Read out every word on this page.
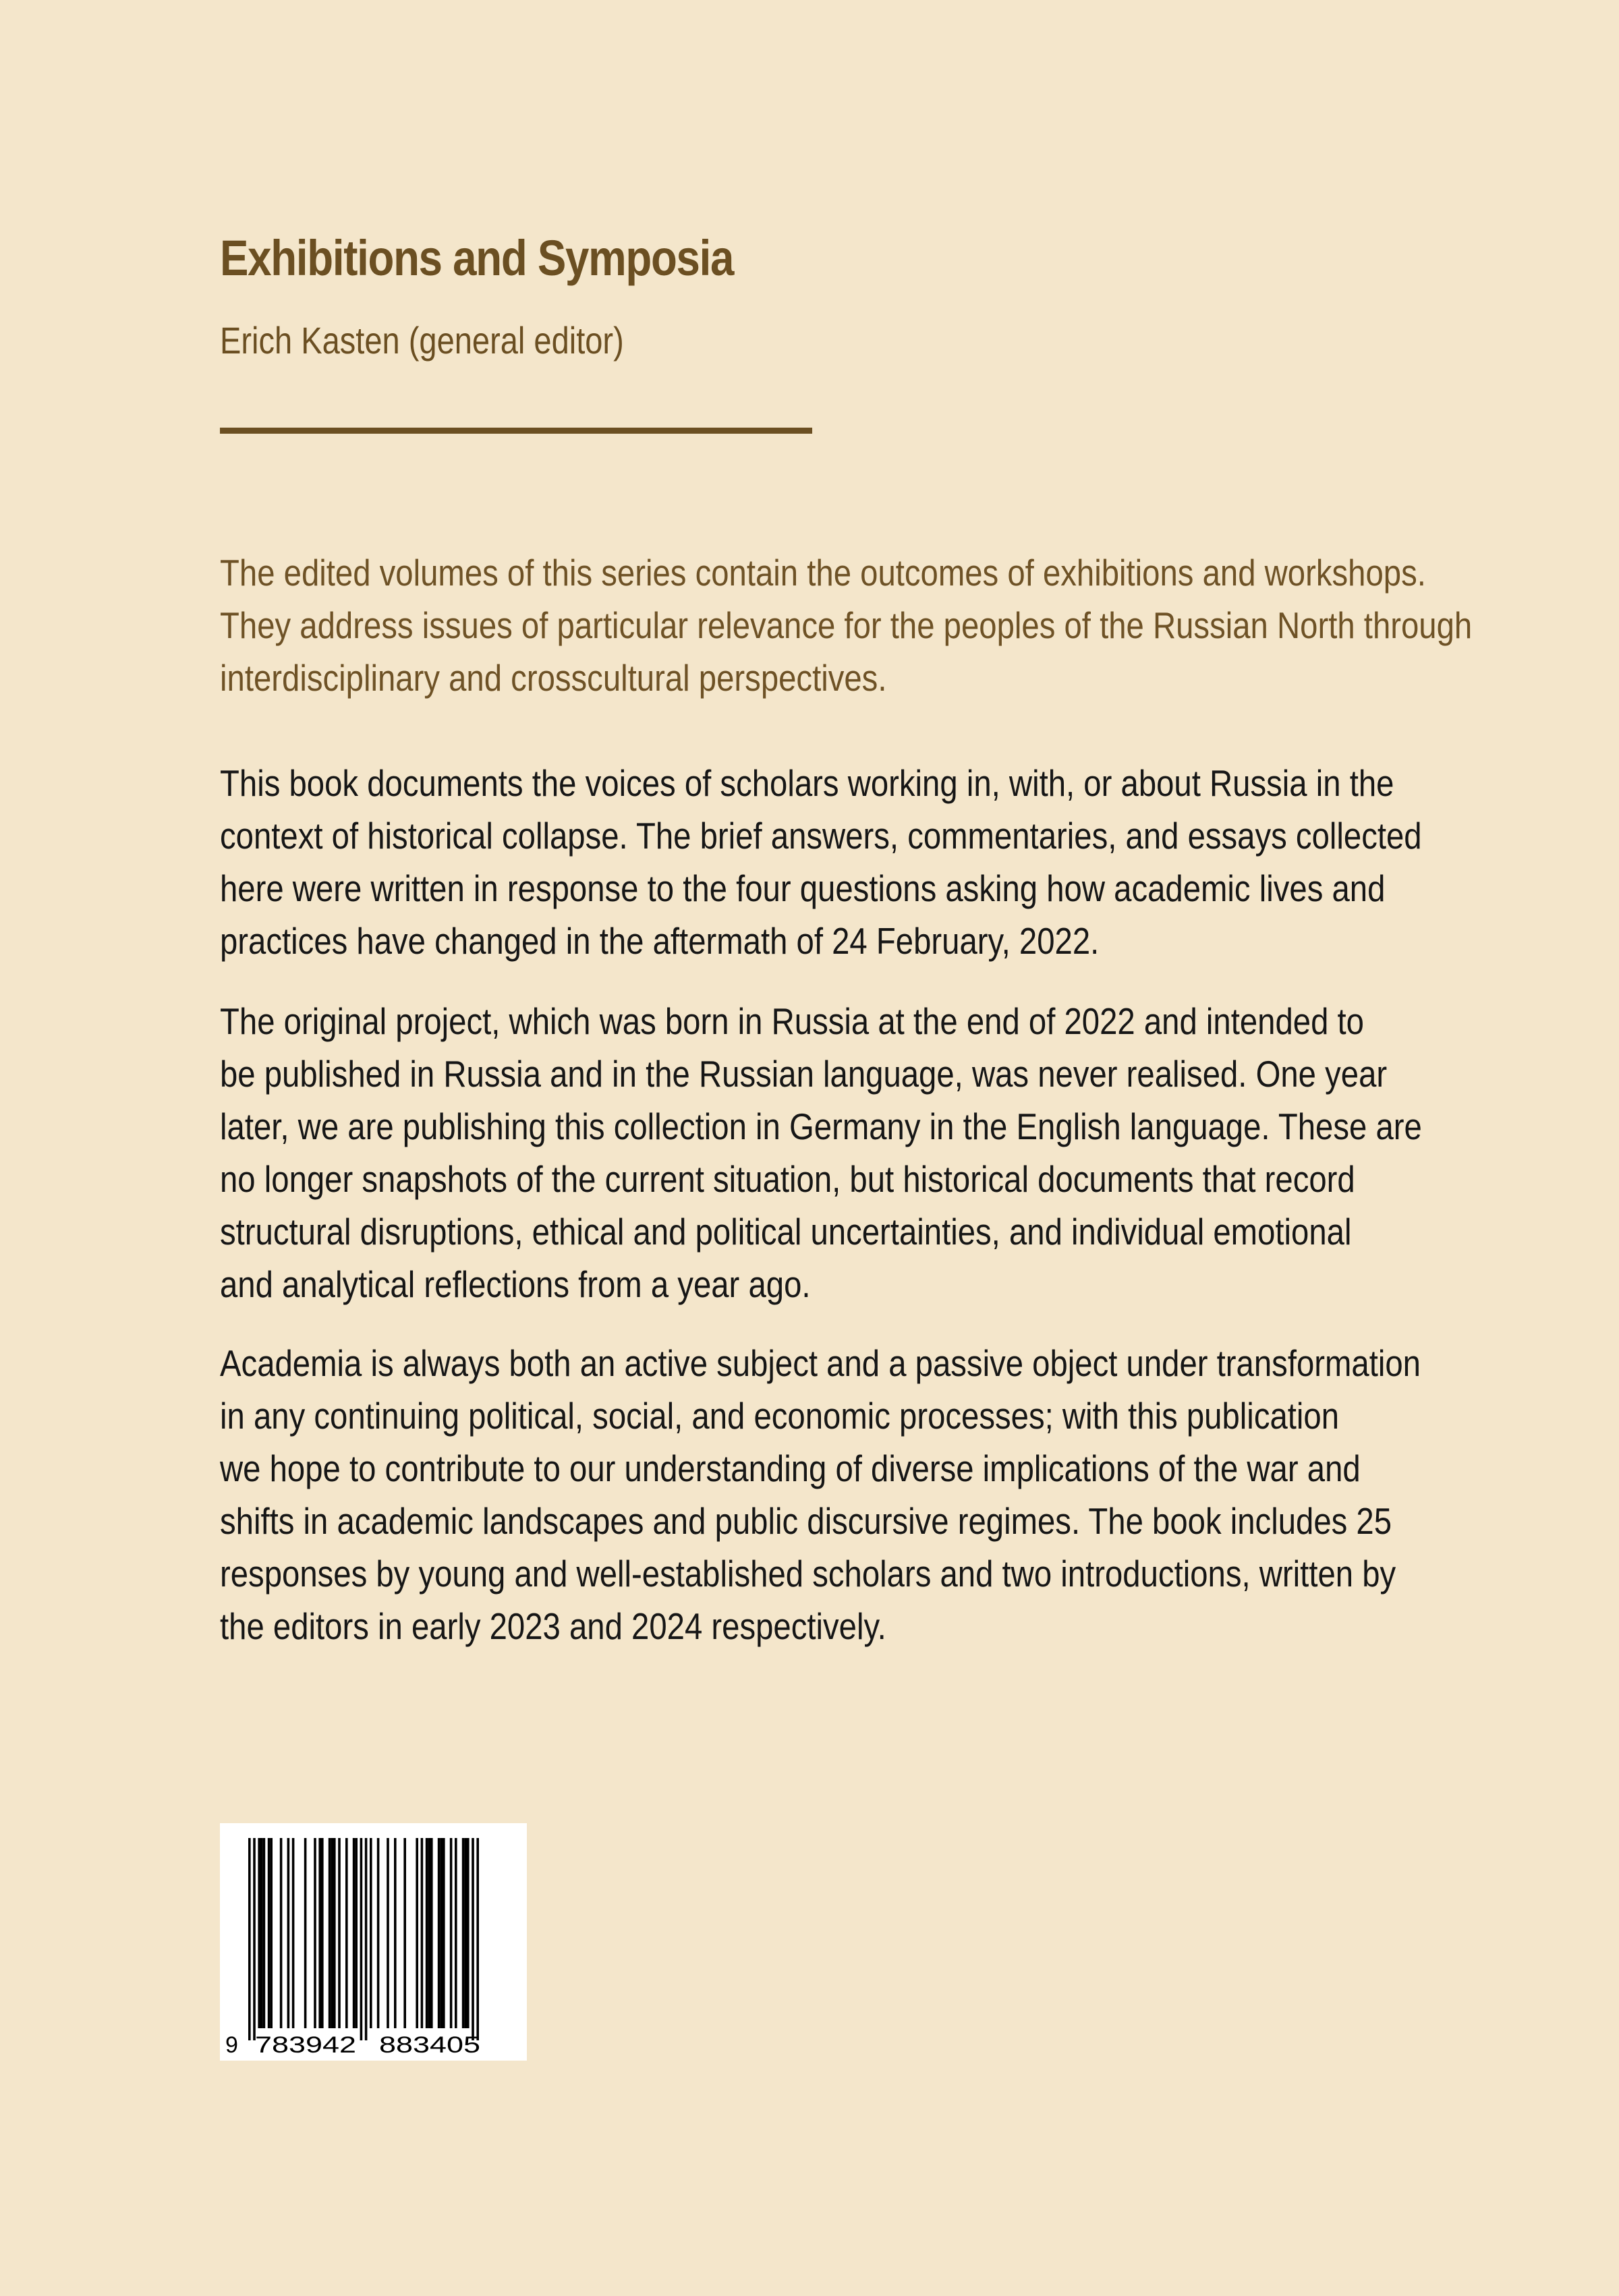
Exhibitions and Symposia

Erich Kasten (general editor)

The edited volumes of this series contain the outcomes of exhibitions and workshops.
They address issues of particular relevance for the peoples of the Russian North through
interdisciplinary and crosscultural perspectives.

This book documents the voices of scholars working in, with, or about Russia in the
context of historical collapse. The brief answers, commentaries, and essays collected
here were written in response to the four questions asking how academic lives and
practices have changed in the aftermath of 24 February, 2022.

The original project, which was born in Russia at the end of 2022 and intended to
be published in Russia and in the Russian language, was never realised. One year
later, we are publishing this collection in Germany in the English language. These are
no longer snapshots of the current situation, but historical documents that record
structural disruptions, ethical and political uncertainties, and individual emotional
and analytical reflections from a year ago.

Academia is always both an active subject and a passive object under transformation
in any continuing political, social, and economic processes; with this publication
we hope to contribute to our understanding of diverse implications of the war and
shifts in academic landscapes and public discursive regimes. The book includes 25
responses by young and well-established scholars and two introductions, written by
the editors in early 2023 and 2024 respectively.

9 783942 883405
